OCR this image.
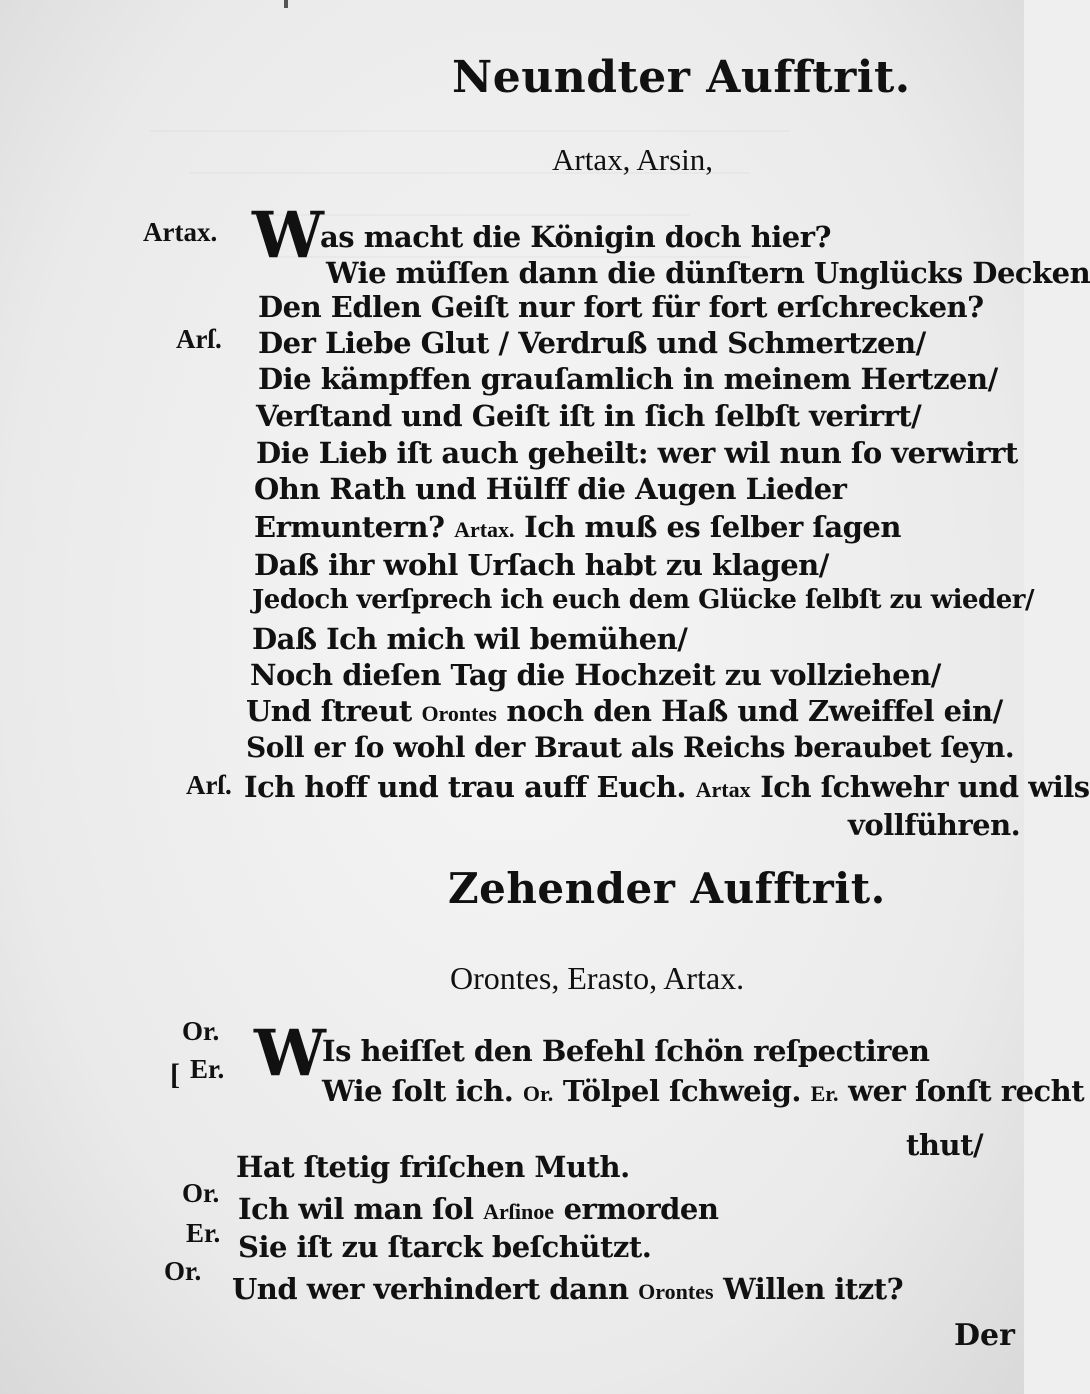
Neundter Aufftrit.
Artax, Arsin,
Artax. W
as macht die Königin doch hier?
Wie müſſen dann die dünſtern Unglücks Decken
Den Edlen Geiſt nur fort für fort erſchrecken?
Arſ. Der Liebe Glut / Verdruß und Schmertzen/
Die kämpffen grauſamlich in meinem Hertzen/
Verſtand und Geiſt iſt in ſich ſelbſt verirrt/
Die Lieb iſt auch geheilt: wer wil nun ſo verwirrt
Ohn Rath und Hülff die Augen Lieder
Ermuntern? Artax. Ich muß es ſelber ſagen
Daß ihr wohl Urſach habt zu klagen/
Jedoch verſprech ich euch dem Glücke ſelbſt zu wieder/
Daß Ich mich wil bemühen/
Noch dieſen Tag die Hochzeit zu vollziehen/
Und ſtreut Orontes noch den Haß und Zweiffel ein/
Soll er ſo wohl der Braut als Reichs beraubet ſeyn.
Arſ. Ich hoff und trau auff Euch. Artax Ich ſchwehr und wils
vollführen.
Zehender Aufftrit.
Orontes, Erasto, Artax.
Or.
[ Er. W
Is heiſſet den Befehl ſchön reſpectiren
Wie ſolt ich. Or. Tölpel ſchweig. Er. wer ſonſt recht
thut/
Hat ſtetig friſchen Muth.
Or. Ich wil man ſol Arſinoe ermorden
Er. Sie iſt zu ſtarck beſchützt.
Or.
Und wer verhindert dann Orontes Willen itzt?
Der
